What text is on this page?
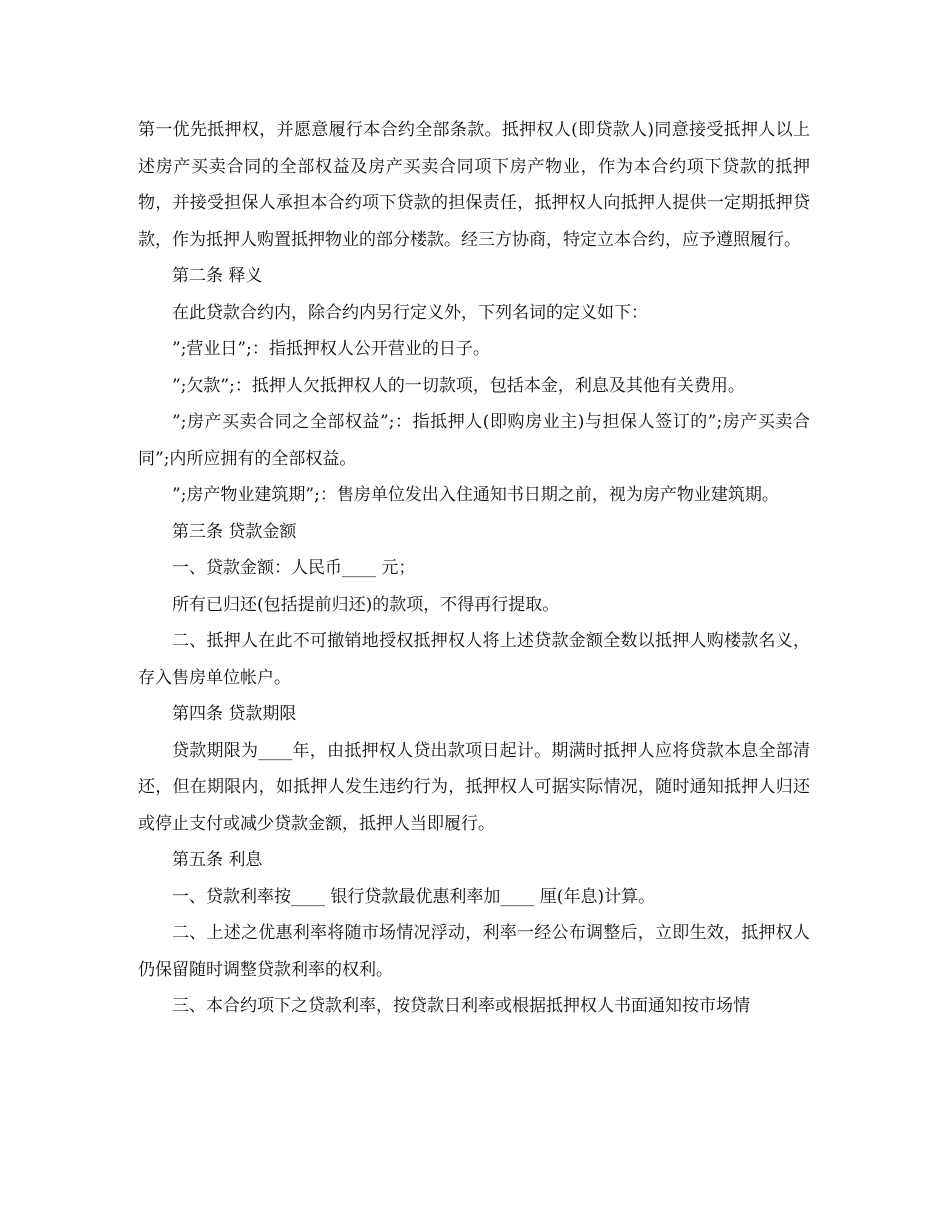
第一优先抵押权，并愿意履行本合约全部条款。抵押权人(即贷款人)同意接受抵押人以上述房产买卖合同的全部权益及房产买卖合同项下房产物业，作为本合约项下贷款的抵押物，并接受担保人承担本合约项下贷款的担保责任，抵押权人向抵押人提供一定期抵押贷款，作为抵押人购置抵押物业的部分楼款。经三方协商，特定立本合约，应予遵照履行。

第二条 释义

在此贷款合约内，除合约内另行定义外，下列名词的定义如下：

”;营业日”;：指抵押权人公开营业的日子。

”;欠款”;：抵押人欠抵押权人的一切款项，包括本金，利息及其他有关费用。

”;房产买卖合同之全部权益”;：指抵押人(即购房业主)与担保人签订的”;房产买卖合同”;内所应拥有的全部权益。

”;房产物业建筑期”;：售房单位发出入住通知书日期之前，视为房产物业建筑期。

第三条 贷款金额

一、贷款金额：人民币____ 元；

所有已归还(包括提前归还)的款项，不得再行提取。

二、抵押人在此不可撤销地授权抵押权人将上述贷款金额全数以抵押人购楼款名义，存入售房单位帐户。

第四条 贷款期限

贷款期限为____年，由抵押权人贷出款项日起计。期满时抵押人应将贷款本息全部清还，但在期限内，如抵押人发生违约行为，抵押权人可据实际情况，随时通知抵押人归还或停止支付或减少贷款金额，抵押人当即履行。

第五条 利息

一、贷款利率按____ 银行贷款最优惠利率加____ 厘(年息)计算。

二、上述之优惠利率将随市场情况浮动，利率一经公布调整后，立即生效，抵押权人仍保留随时调整贷款利率的权利。

三、本合约项下之贷款利率，按贷款日利率或根据抵押权人书面通知按市场情
